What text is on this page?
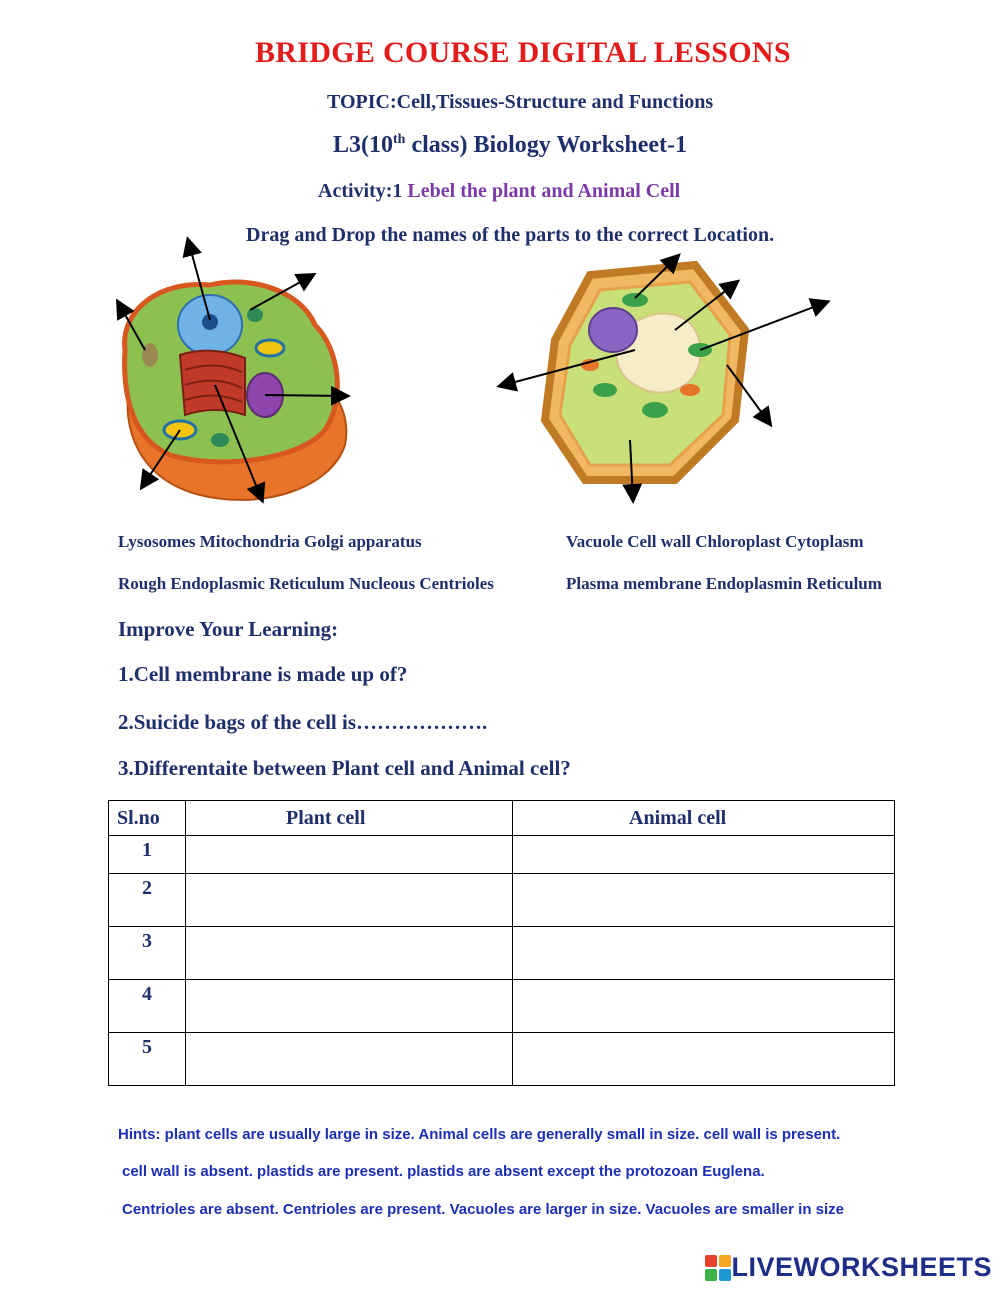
BRIDGE COURSE DIGITAL LESSONS
TOPIC:Cell,Tissues-Structure and Functions
L3(10th class) Biology Worksheet-1
Activity:1 Lebel the plant and Animal Cell
Drag and Drop the names of the parts to the correct Location.
Lysosomes Mitochondria Golgi apparatus	Vacuole Cell wall Chloroplast Cytoplasm
Rough Endoplasmic Reticulum Nucleous Centrioles	Plasma membrane Endoplasmin Reticulum
Improve Your Learning:
1.Cell membrane is made up of?
2.Suicide bags of the cell is……………….
3.Differentaite between Plant cell and Animal cell?
Sl.no	Plant cell	Animal cell
1		
2		
3		
4		
5		
Hints: plant cells are usually large in size. Animal cells are generally small in size. cell wall is present.
cell wall is absent. plastids are present. plastids are absent except the protozoan Euglena.
Centrioles are absent. Centrioles are present. Vacuoles are larger in size. Vacuoles are smaller in size
LIVEWORKSHEETS
